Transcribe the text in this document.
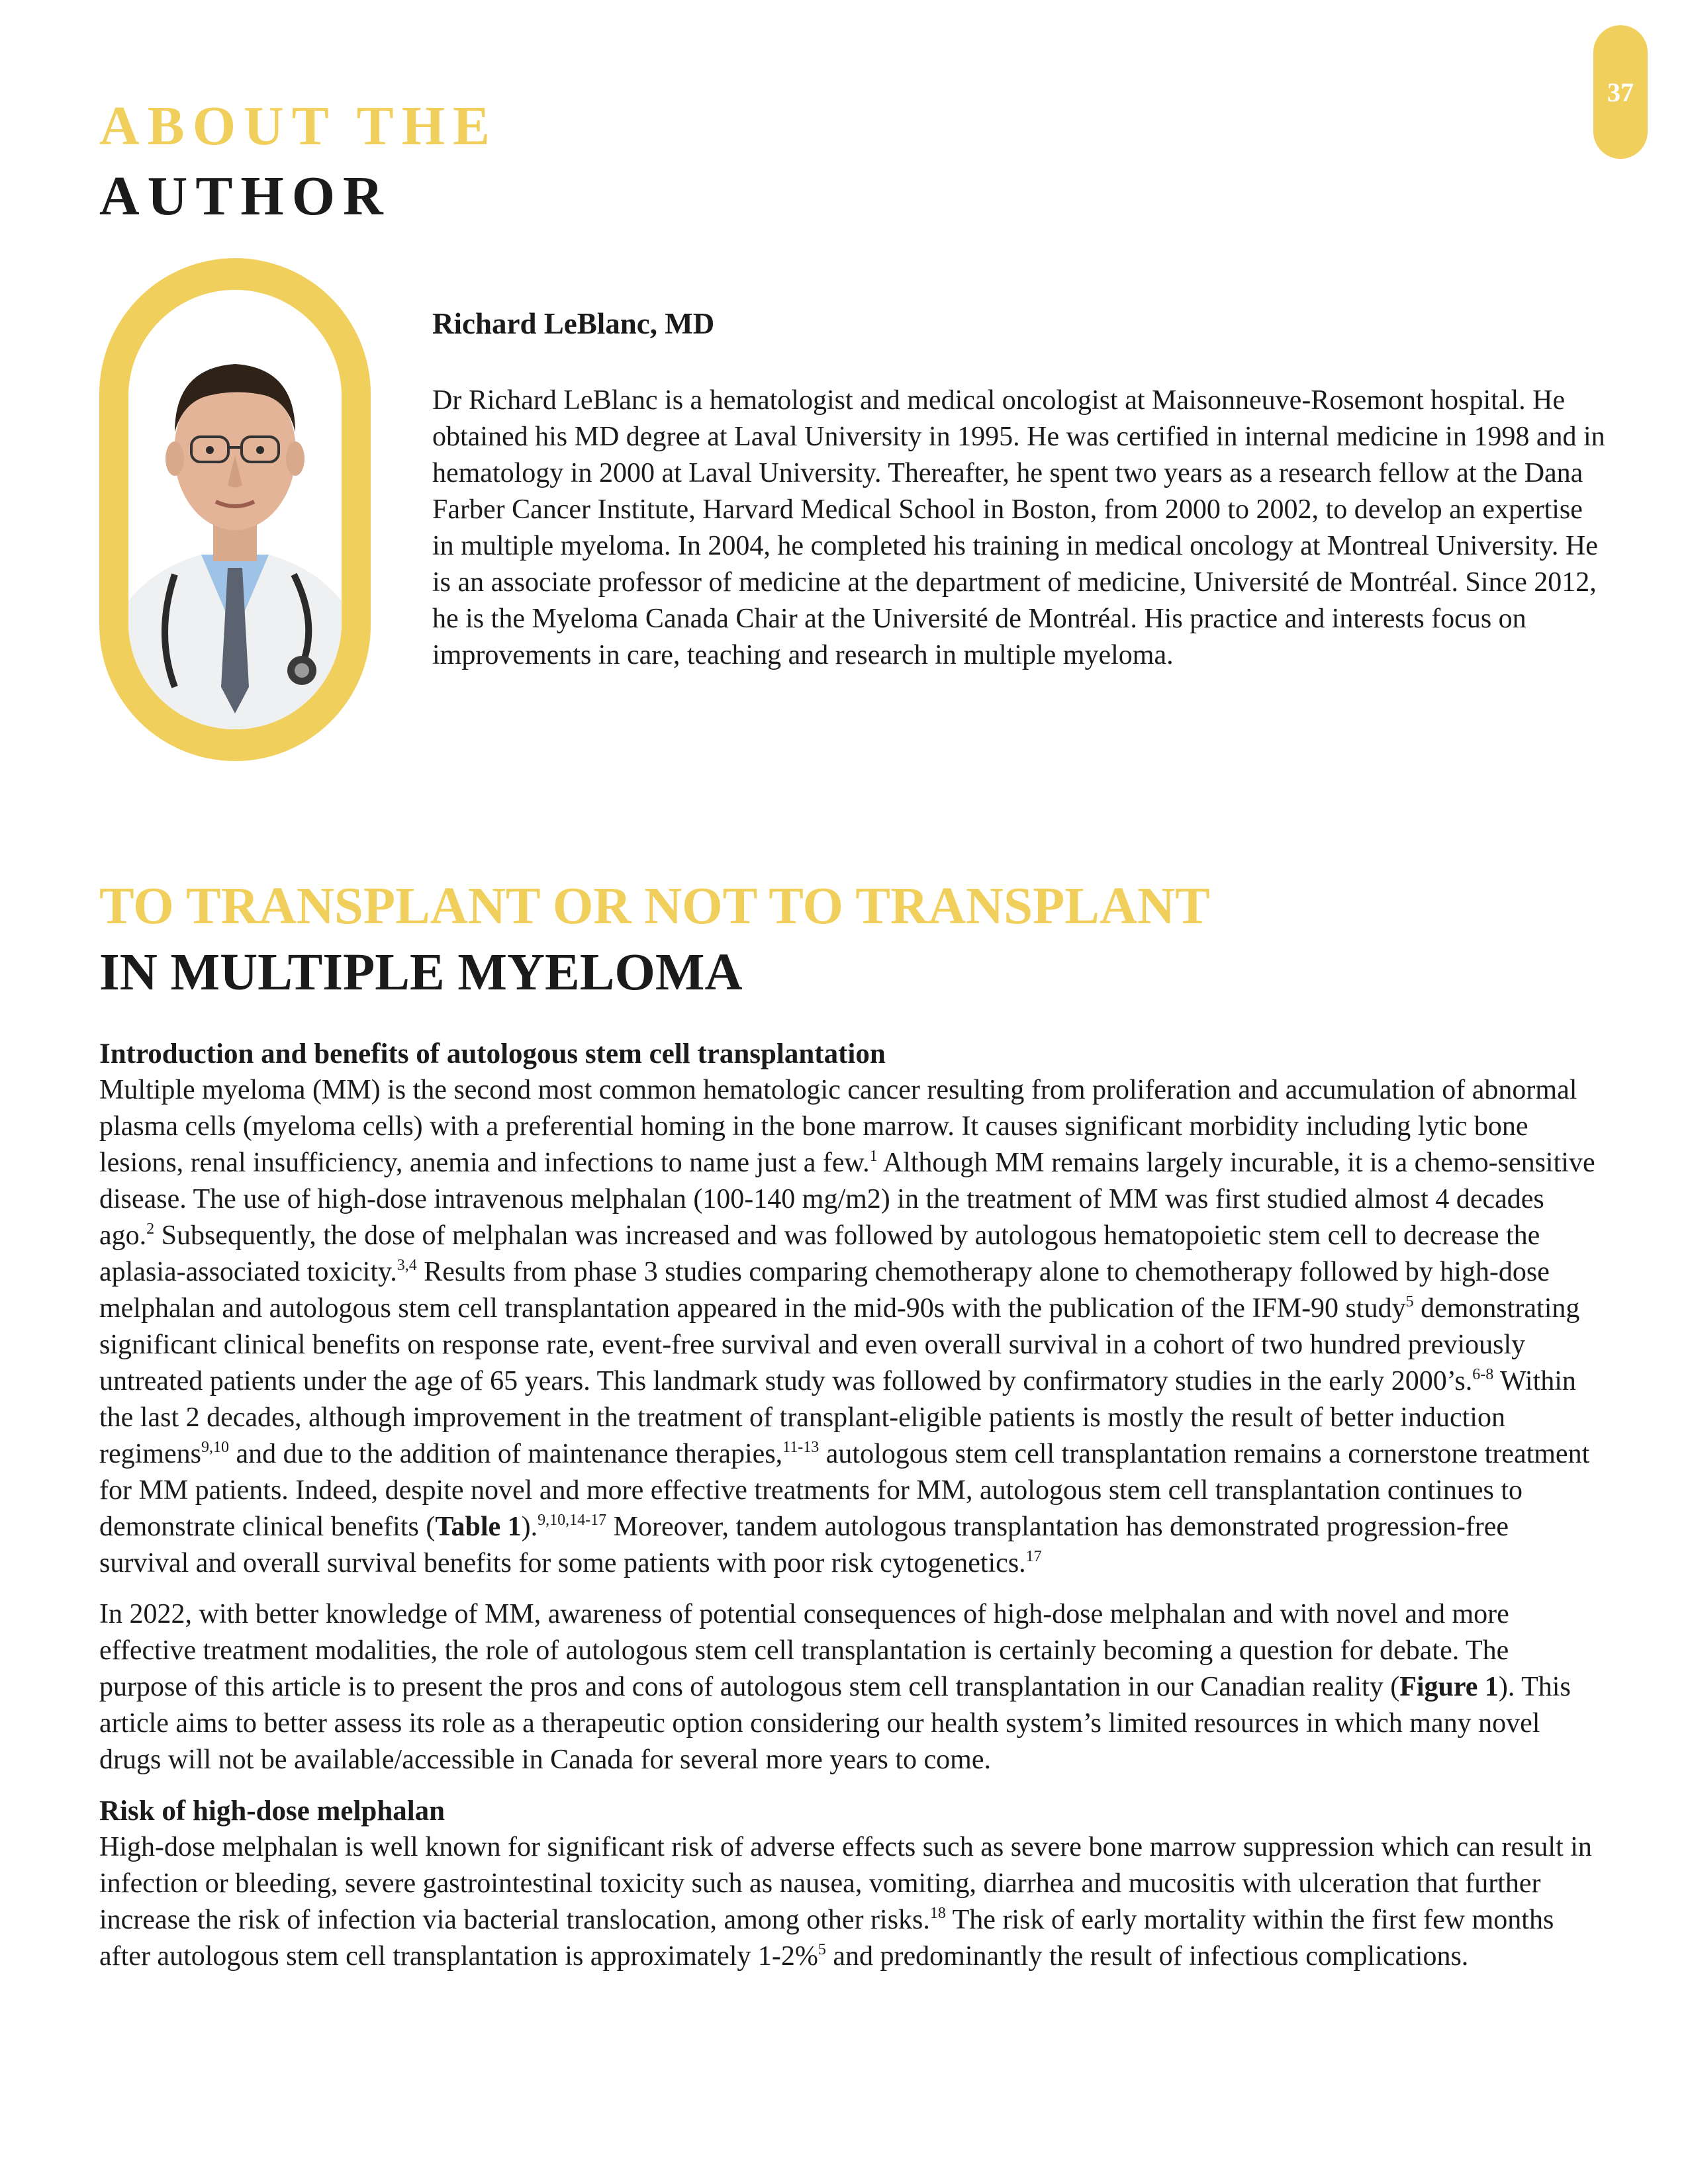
37
ABOUT THE
AUTHOR
Richard LeBlanc, MD

Dr Richard LeBlanc is a hematologist and medical oncologist at Maisonneuve-Rosemont hospital. He obtained his MD degree at Laval University in 1995. He was certified in internal medicine in 1998 and in hematology in 2000 at Laval University. Thereafter, he spent two years as a research fellow at the Dana Farber Cancer Institute, Harvard Medical School in Boston, from 2000 to 2002, to develop an expertise in multiple myeloma. In 2004, he completed his training in medical oncology at Montreal University. He is an associate professor of medicine at the department of medicine, Université de Montréal. Since 2012, he is the Myeloma Canada Chair at the Université de Montréal. His practice and interests focus on improvements in care, teaching and research in multiple myeloma.

TO TRANSPLANT OR NOT TO TRANSPLANT
IN MULTIPLE MYELOMA
Introduction and benefits of autologous stem cell transplantation

Multiple myeloma (MM) is the second most common hematologic cancer resulting from proliferation and accumulation of abnormal plasma cells (myeloma cells) with a preferential homing in the bone marrow. It causes significant morbidity including lytic bone lesions, renal insufficiency, anemia and infections to name just a few.$^1$ Although MM remains largely incurable, it is a chemo-sensitive disease. The use of high-dose intravenous melphalan (100-140 mg/m2) in the treatment of MM was first studied almost 4 decades ago.$^2$ Subsequently, the dose of melphalan was increased and was followed by autologous hematopoietic stem cell to decrease the aplasia-associated toxicity.$^{3,4}$ Results from phase 3 studies comparing chemotherapy alone to chemotherapy followed by high-dose melphalan and autologous stem cell transplantation appeared in the mid-90s with the publication of the IFM-90 study$^5$ demonstrating significant clinical benefits on response rate, event-free survival and even overall survival in a cohort of two hundred previously untreated patients under the age of 65 years. This landmark study was followed by confirmatory studies in the early 2000’s.$^{6-8}$ Within the last 2 decades, although improvement in the treatment of transplant-eligible patients is mostly the result of better induction regimens$^{9,10}$ and due to the addition of maintenance therapies,$^{11-13}$ autologous stem cell transplantation remains a cornerstone treatment for MM patients. Indeed, despite novel and more effective treatments for MM, autologous stem cell transplantation continues to demonstrate clinical benefits (Table 1).$^{9,10,14-17}$ Moreover, tandem autologous transplantation has demonstrated progression-free survival and overall survival benefits for some patients with poor risk cytogenetics.$^{17}$

In 2022, with better knowledge of MM, awareness of potential consequences of high-dose melphalan and with novel and more effective treatment modalities, the role of autologous stem cell transplantation is certainly becoming a question for debate. The purpose of this article is to present the pros and cons of autologous stem cell transplantation in our Canadian reality (Figure 1). This article aims to better assess its role as a therapeutic option considering our health system’s limited resources in which many novel drugs will not be available/accessible in Canada for several more years to come.

Risk of high-dose melphalan

High-dose melphalan is well known for significant risk of adverse effects such as severe bone marrow suppression which can result in infection or bleeding, severe gastrointestinal toxicity such as nausea, vomiting, diarrhea and mucositis with ulceration that further increase the risk of infection via bacterial translocation, among other risks.$^{18}$ The risk of early mortality within the first few months after autologous stem cell transplantation is approximately 1-2%$^5$ and predominantly the result of infectious complications.
